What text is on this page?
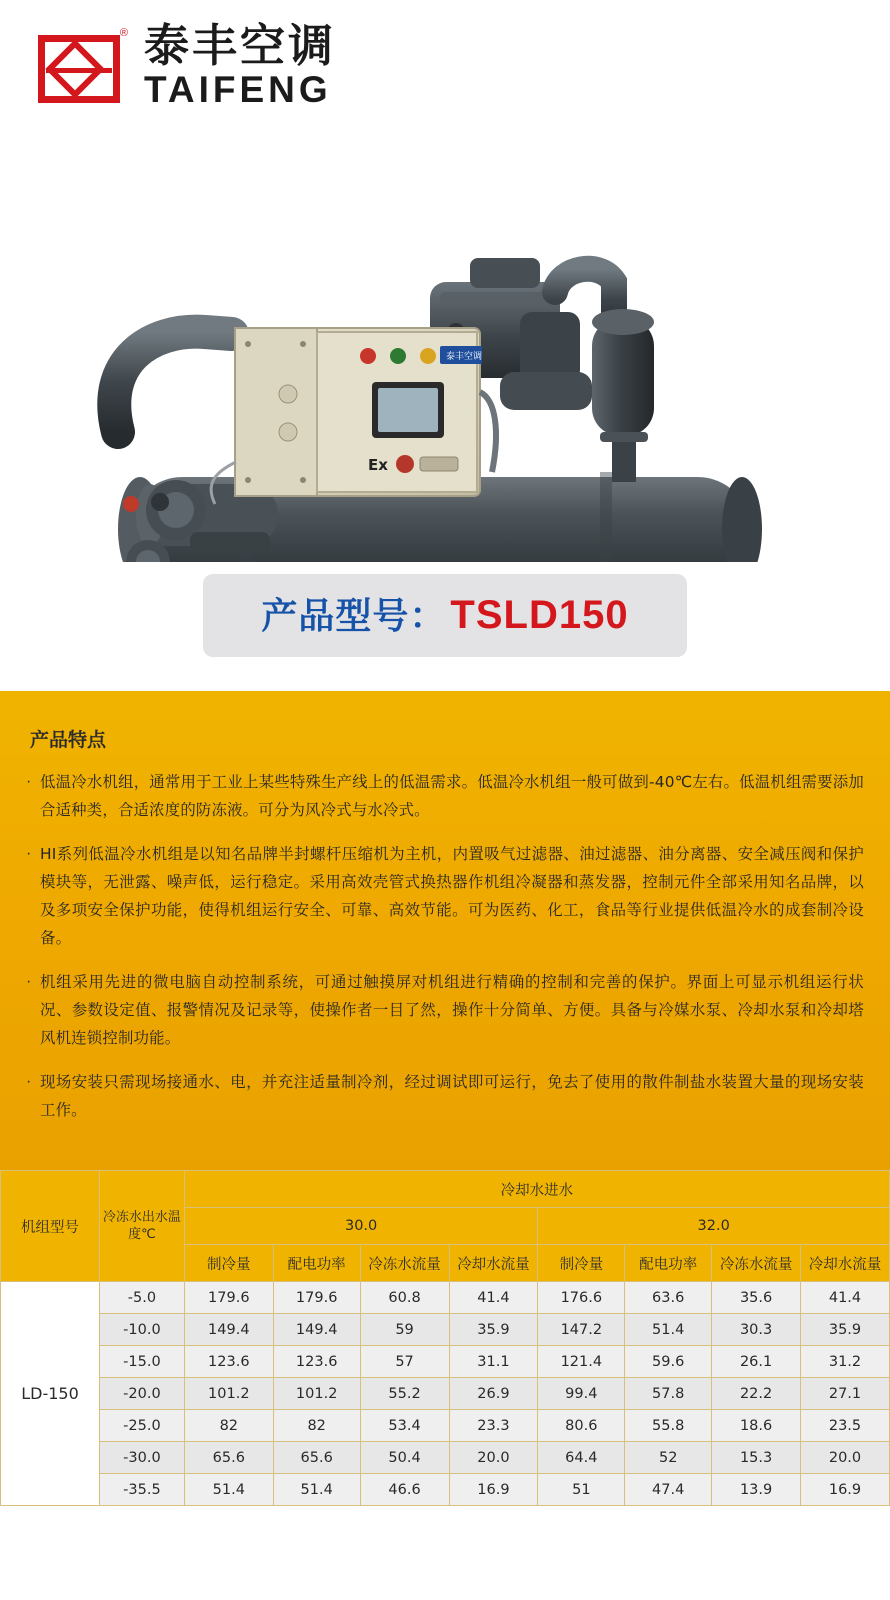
® 泰丰空调
TAIFENG
Ex
泰丰空调
产品型号： TSLD150
产品特点
· 低温冷水机组，通常用于工业上某些特殊生产线上的低温需求。低温冷水机组一般可做到-40℃左右。低温机组需要添加合适种类，合适浓度的防冻液。可分为风冷式与水冷式。
· HI系列低温冷水机组是以知名品牌半封螺杆压缩机为主机，内置吸气过滤器、油过滤器、油分离器、安全减压阀和保护模块等，无泄露、噪声低，运行稳定。采用高效壳管式换热器作机组冷凝器和蒸发器，控制元件全部采用知名品牌，以及多项安全保护功能，使得机组运行安全、可靠、高效节能。可为医药、化工，食品等行业提供低温冷水的成套制冷设备。
· 机组采用先进的微电脑自动控制系统，可通过触摸屏对机组进行精确的控制和完善的保护。界面上可显示机组运行状况、参数设定值、报警情况及记录等，使操作者一目了然，操作十分简单、方便。具备与冷媒水泵、冷却水泵和冷却塔风机连锁控制功能。
· 现场安装只需现场接通水、电，并充注适量制冷剂，经过调试即可运行，免去了使用的散件制盐水装置大量的现场安装工作。
机组型号	冷冻水出水温度℃	冷却水进水							
		30.0				32.0			
		制冷量	配电功率	冷冻水流量	冷却水流量	制冷量	配电功率	冷冻水流量	冷却水流量
LD-150	-5.0	179.6	179.6	60.8	41.4	176.6	63.6	35.6	41.4
	-10.0	149.4	149.4	59	35.9	147.2	51.4	30.3	35.9
	-15.0	123.6	123.6	57	31.1	121.4	59.6	26.1	31.2
	-20.0	101.2	101.2	55.2	26.9	99.4	57.8	22.2	27.1
	-25.0	82	82	53.4	23.3	80.6	55.8	18.6	23.5
	-30.0	65.6	65.6	50.4	20.0	64.4	52	15.3	20.0
	-35.5	51.4	51.4	46.6	16.9	51	47.4	13.9	16.9
